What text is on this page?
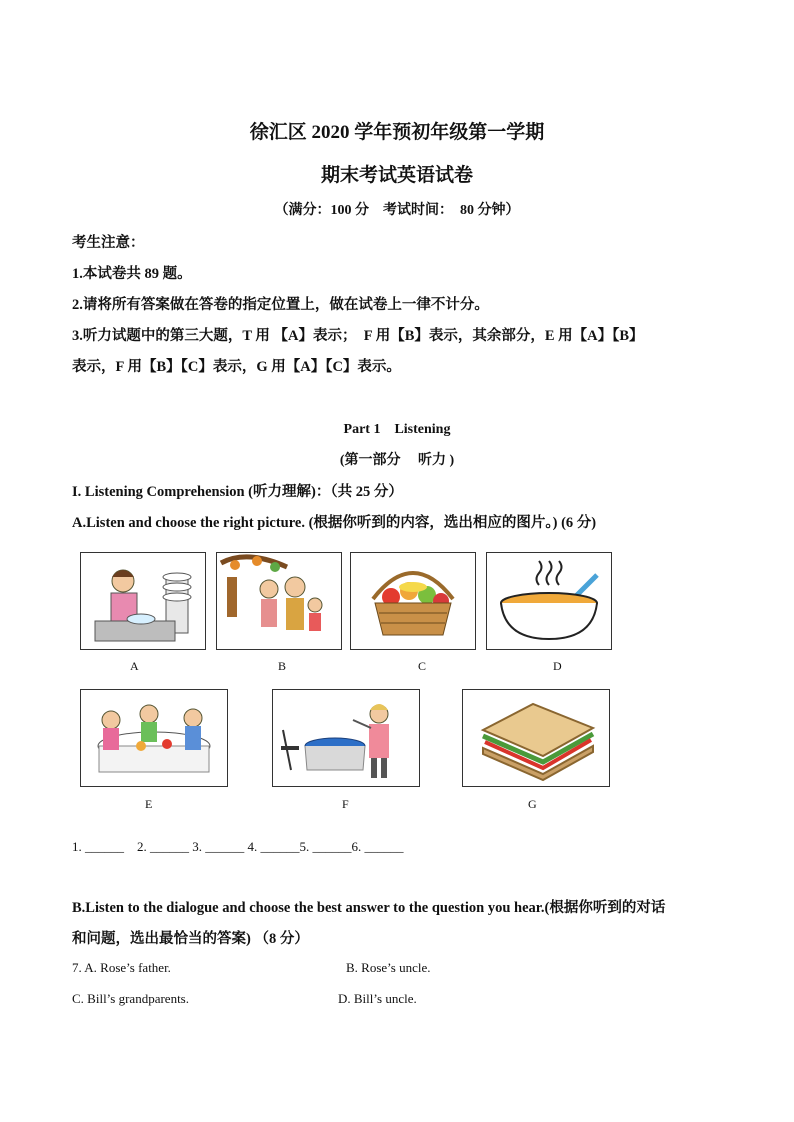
徐汇区 2020 学年预初年级第一学期
期末考试英语试卷
（满分：100 分　考试时间：　80 分钟）
考生注意：
1.本试卷共 89 题。
2.请将所有答案做在答卷的指定位置上，做在试卷上一律不计分。
3.听力试题中的第三大题，T 用 【A】表示；　F 用【B】表示，其余部分，E 用【A】【B】
表示，F 用【B】【C】表示，G 用【A】【C】表示。
Part 1　Listening
(第一部分　 听力 )
I. Listening Comprehension (听力理解)：（共 25 分）
A.Listen and choose the right picture. (根据你听到的内容，选出相应的图片。) (6 分)
A	B	C	D
E	F	G
1. ______　2. ______ 3. ______ 4. ______5. ______6. ______
B.Listen to the dialogue and choose the best answer to the question you hear.(根据你听到的对话
和问题，选出最恰当的答案) （8 分）
7. A. Rose’s father.	B. Rose’s uncle.
C. Bill’s grandparents.	D. Bill’s uncle.
